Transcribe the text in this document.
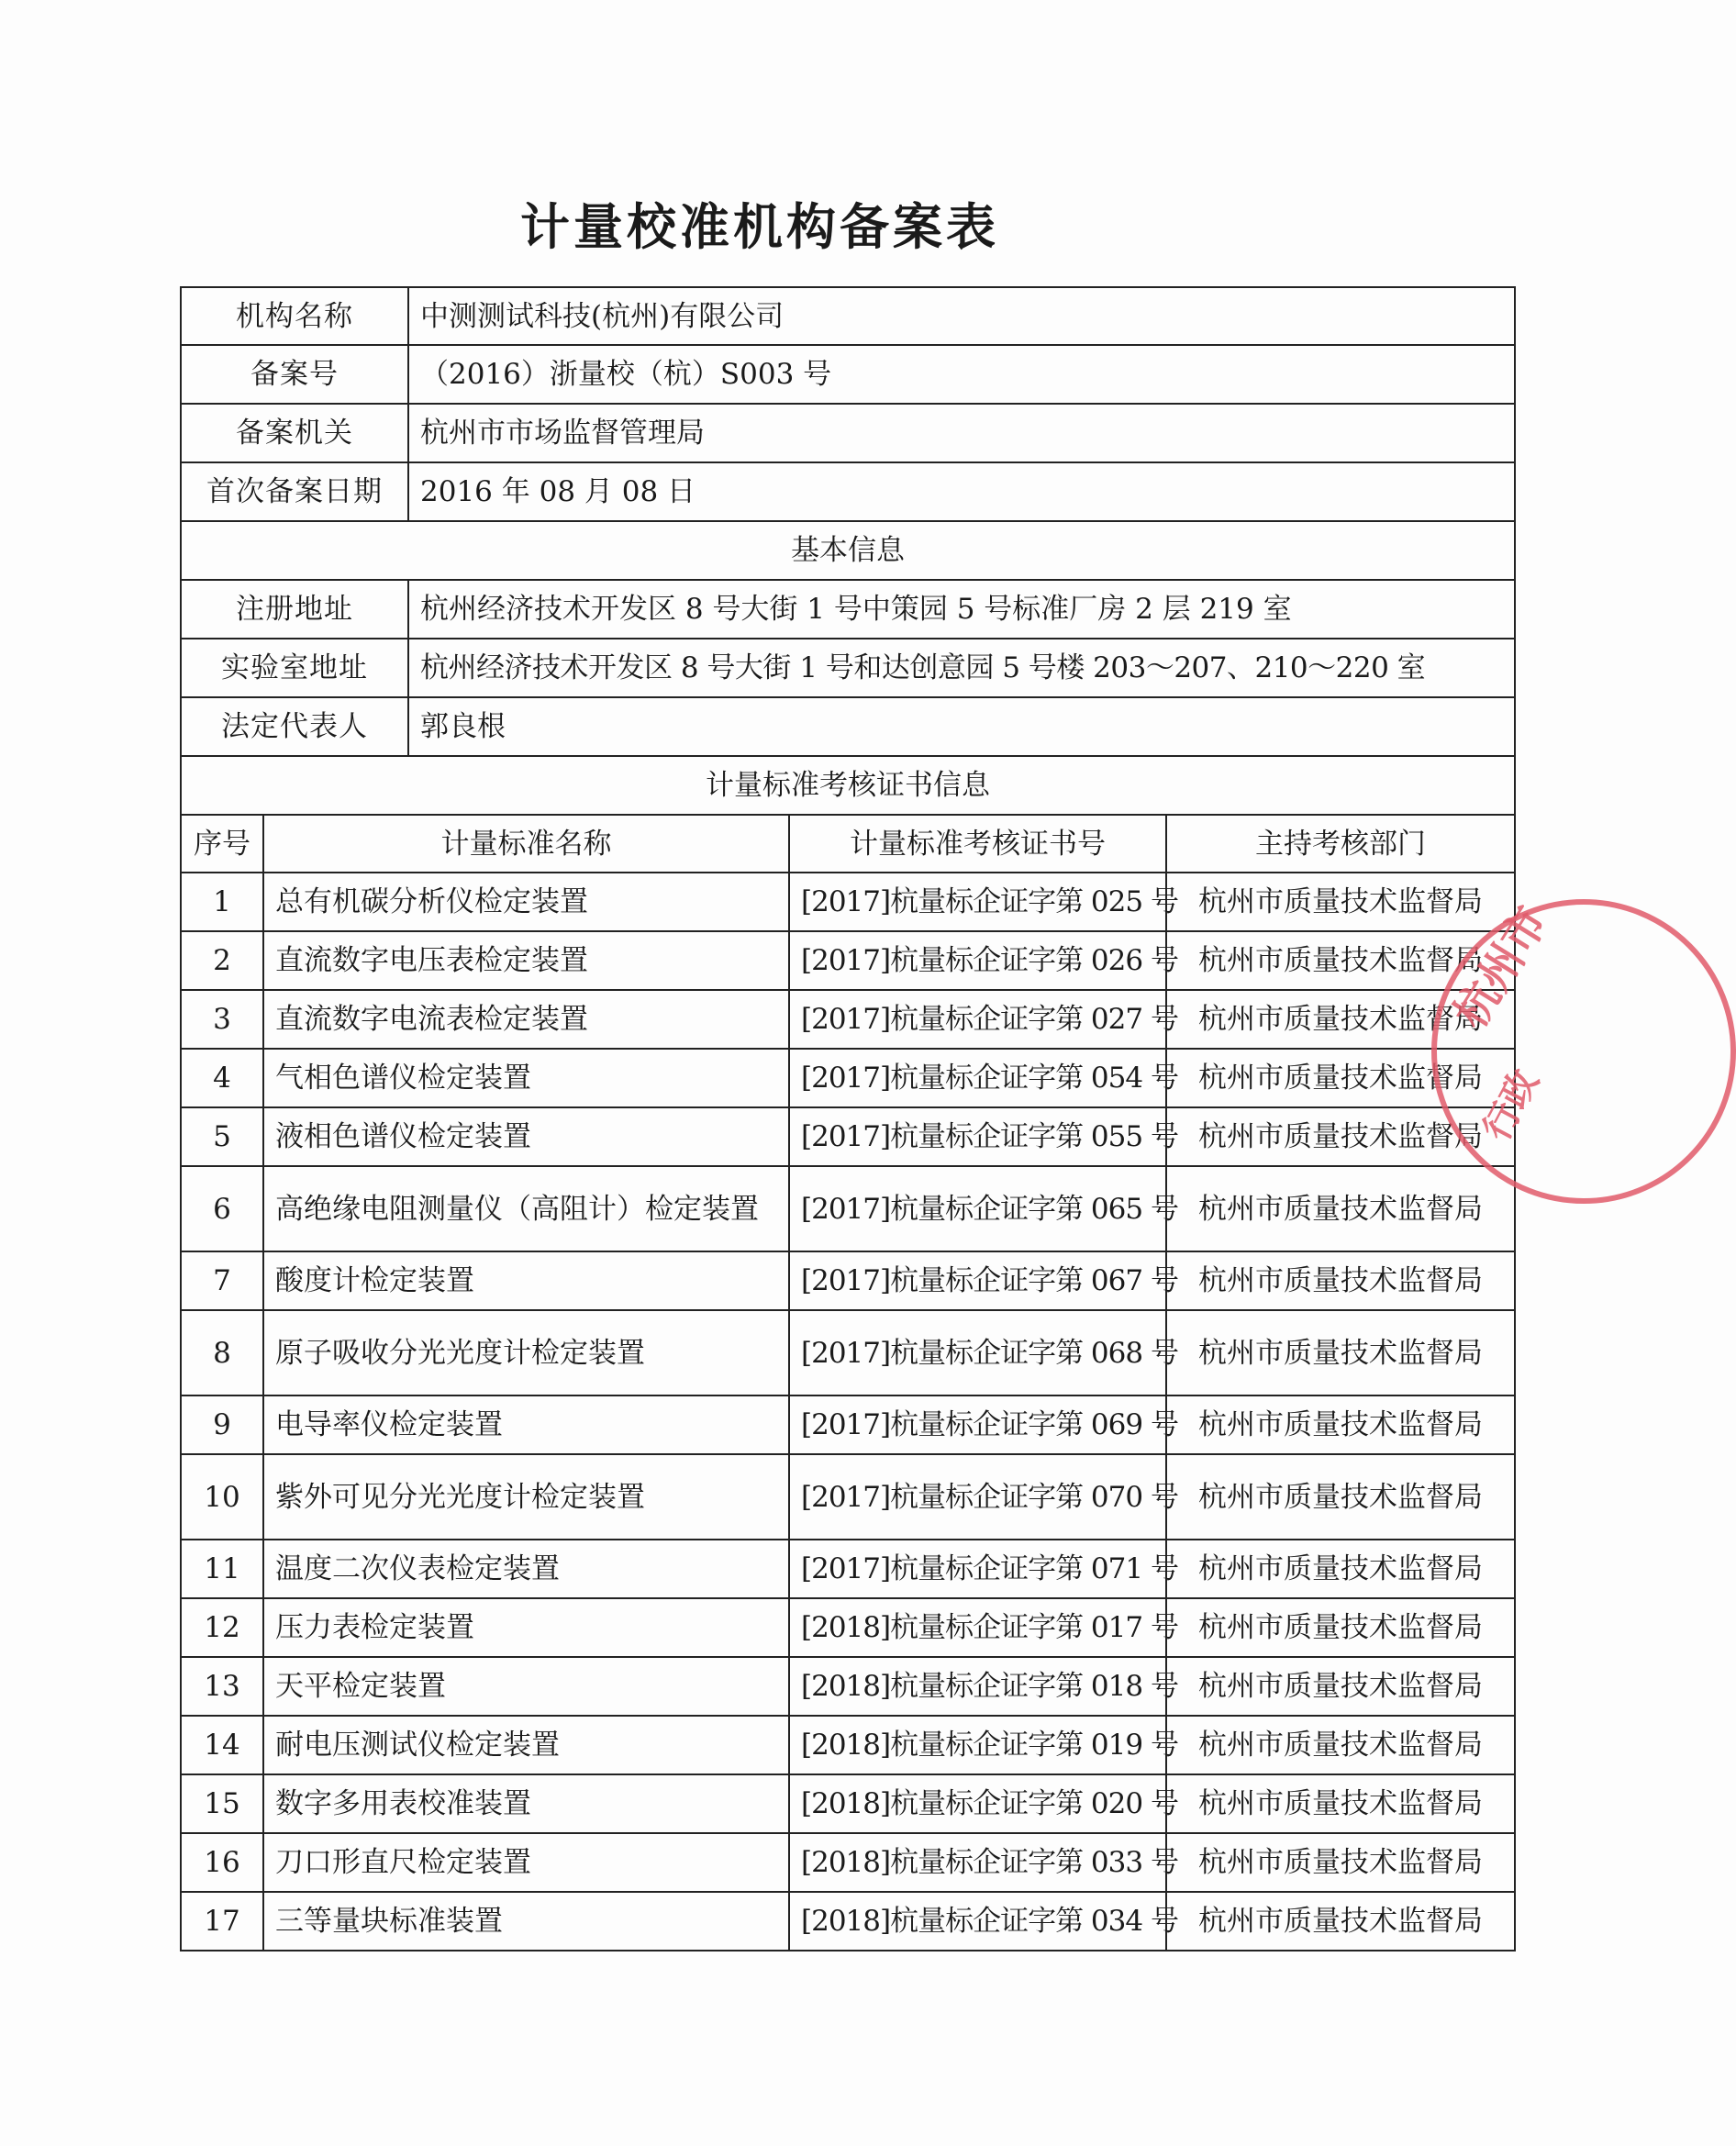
计量校准机构备案表
机构名称		中测测试科技(杭州)有限公司		
备案号		（2016）浙量校（杭）S003 号		
备案机关		杭州市市场监督管理局		
首次备案日期		2016 年 08 月 08 日		
基本信息				
注册地址		杭州经济技术开发区 8 号大街 1 号中策园 5 号标准厂房 2 层 219 室		
实验室地址		杭州经济技术开发区 8 号大街 1 号和达创意园 5 号楼 203～207、210～220 室		
法定代表人		郭良根		
计量标准考核证书信息				
序号	计量标准名称		计量标准考核证书号	主持考核部门
1	总有机碳分析仪检定装置		[2017]杭量标企证字第 025 号	杭州市质量技术监督局
2	直流数字电压表检定装置		[2017]杭量标企证字第 026 号	杭州市质量技术监督局
3	直流数字电流表检定装置		[2017]杭量标企证字第 027 号	杭州市质量技术监督局
4	气相色谱仪检定装置		[2017]杭量标企证字第 054 号	杭州市质量技术监督局
5	液相色谱仪检定装置		[2017]杭量标企证字第 055 号	杭州市质量技术监督局
6	高绝缘电阻测量仪（高阻计）检定装置		[2017]杭量标企证字第 065 号	杭州市质量技术监督局
7	酸度计检定装置		[2017]杭量标企证字第 067 号	杭州市质量技术监督局
8	原子吸收分光光度计检定装置		[2017]杭量标企证字第 068 号	杭州市质量技术监督局
9	电导率仪检定装置		[2017]杭量标企证字第 069 号	杭州市质量技术监督局
10	紫外可见分光光度计检定装置		[2017]杭量标企证字第 070 号	杭州市质量技术监督局
11	温度二次仪表检定装置		[2017]杭量标企证字第 071 号	杭州市质量技术监督局
12	压力表检定装置		[2018]杭量标企证字第 017 号	杭州市质量技术监督局
13	天平检定装置		[2018]杭量标企证字第 018 号	杭州市质量技术监督局
14	耐电压测试仪检定装置		[2018]杭量标企证字第 019 号	杭州市质量技术监督局
15	数字多用表校准装置		[2018]杭量标企证字第 020 号	杭州市质量技术监督局
16	刀口形直尺检定装置		[2018]杭量标企证字第 033 号	杭州市质量技术监督局
17	三等量块标准装置		[2018]杭量标企证字第 034 号	杭州市质量技术监督局
杭州市
行政
